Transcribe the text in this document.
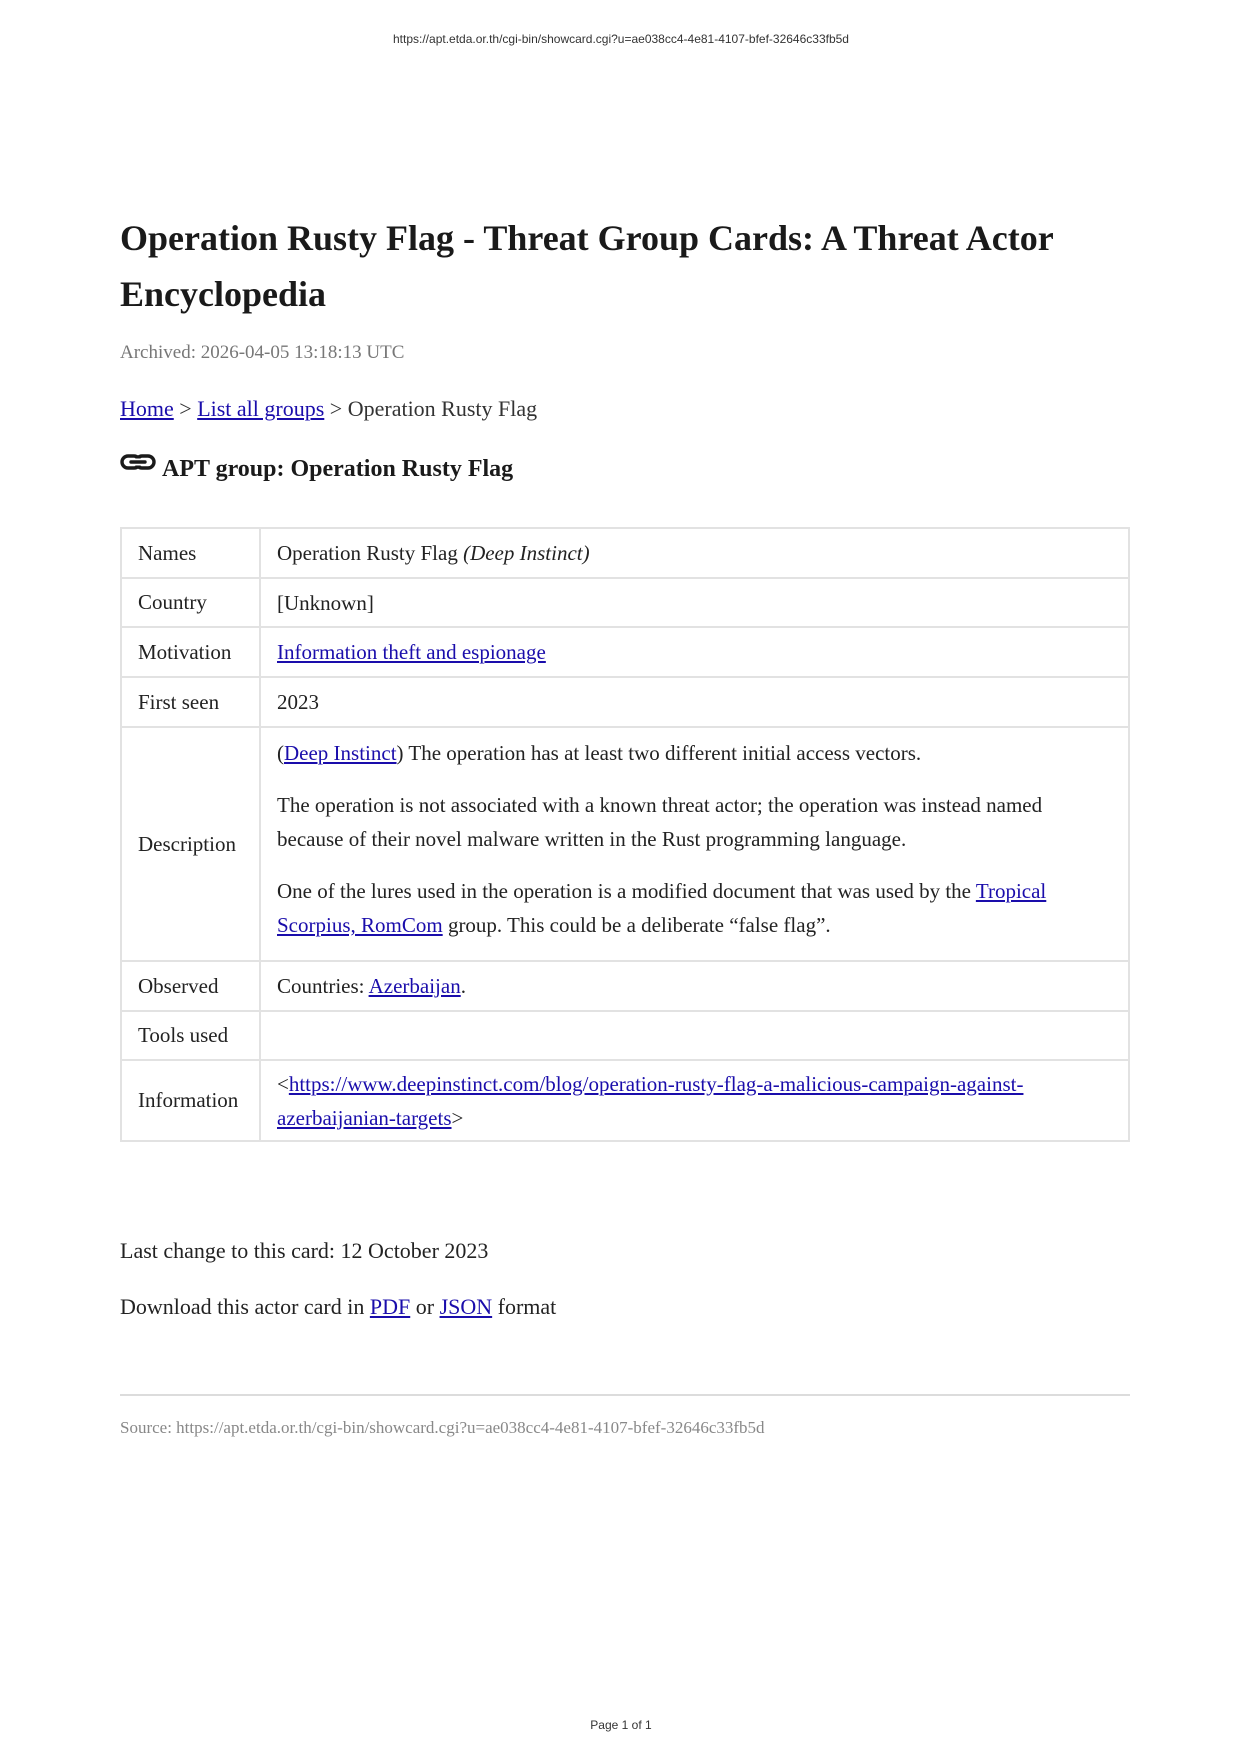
https://apt.etda.or.th/cgi-bin/showcard.cgi?u=ae038cc4-4e81-4107-bfef-32646c33fb5d
Operation Rusty Flag - Threat Group Cards: A Threat Actor Encyclopedia
Archived: 2026-04-05 13:18:13 UTC
Home > List all groups > Operation Rusty Flag
APT group: Operation Rusty Flag
Names	Operation Rusty Flag (Deep Instinct)
Country	[Unknown]
Motivation	Information theft and espionage
First seen	2023
Description	(Deep Instinct) The operation has at least two different initial access vectors.

The operation is not associated with a known threat actor; the operation was instead named because of their novel malware written in the Rust programming language.

One of the lures used in the operation is a modified document that was used by the Tropical Scorpius, RomCom group. This could be a deliberate “false flag”.

Observed	Countries: Azerbaijan.
Tools used	
Information	<https://www.deepinstinct.com/blog/operation-rusty-flag-a-malicious-campaign-against-azerbaijanian-targets>
Last change to this card: 12 October 2023
Download this actor card in PDF or JSON format
Source: https://apt.etda.or.th/cgi-bin/showcard.cgi?u=ae038cc4-4e81-4107-bfef-32646c33fb5d
Page 1 of 1
